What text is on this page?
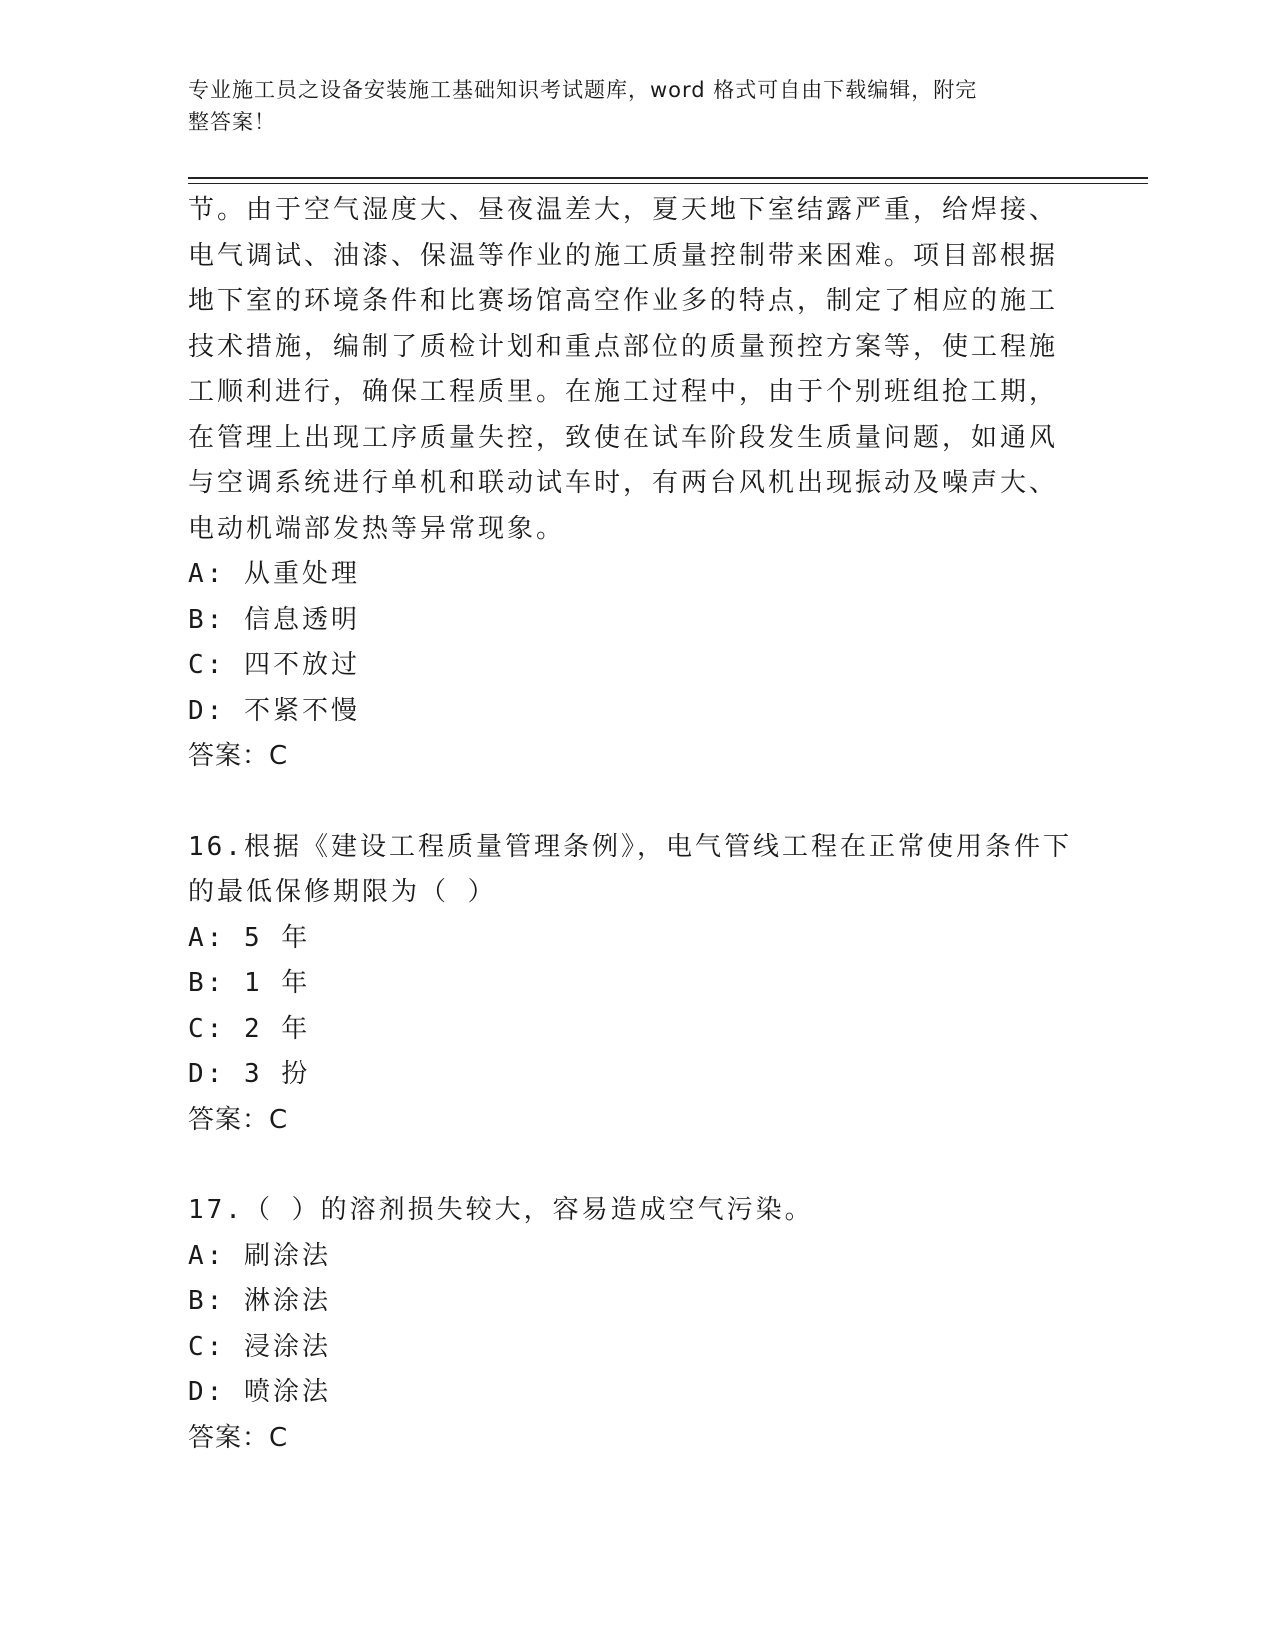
专业施工员之设备安装施工基础知识考试题库，word 格式可自由下载编辑，附完
整答案！
节。由于空气湿度大、昼夜温差大，夏天地下室结露严重，给焊接、
电气调试、油漆、保温等作业的施工质量控制带来困难。项目部根据
地下室的环境条件和比赛场馆高空作业多的特点，制定了相应的施工
技术措施，编制了质检计划和重点部位的质量预控方案等，使工程施
工顺利进行，确保工程质里。在施工过程中，由于个别班组抢工期，
在管理上出现工序质量失控，致使在试车阶段发生质量问题，如通风
与空调系统进行单机和联动试车时，有两台风机出现振动及噪声大、
电动机端部发热等异常现象。
A: 从重处理
B: 信息透明
C: 四不放过
D: 不紧不慢
答案：C
16.根据《建设工程质量管理条例》，电气管线工程在正常使用条件下
的最低保修期限为（ ）
A: 5 年
B: 1 年
C: 2 年
D: 3 扮
答案：C
17.（ ）的溶剂损失较大，容易造成空气污染。
A: 刷涂法
B: 淋涂法
C: 浸涂法
D: 喷涂法
答案：C
